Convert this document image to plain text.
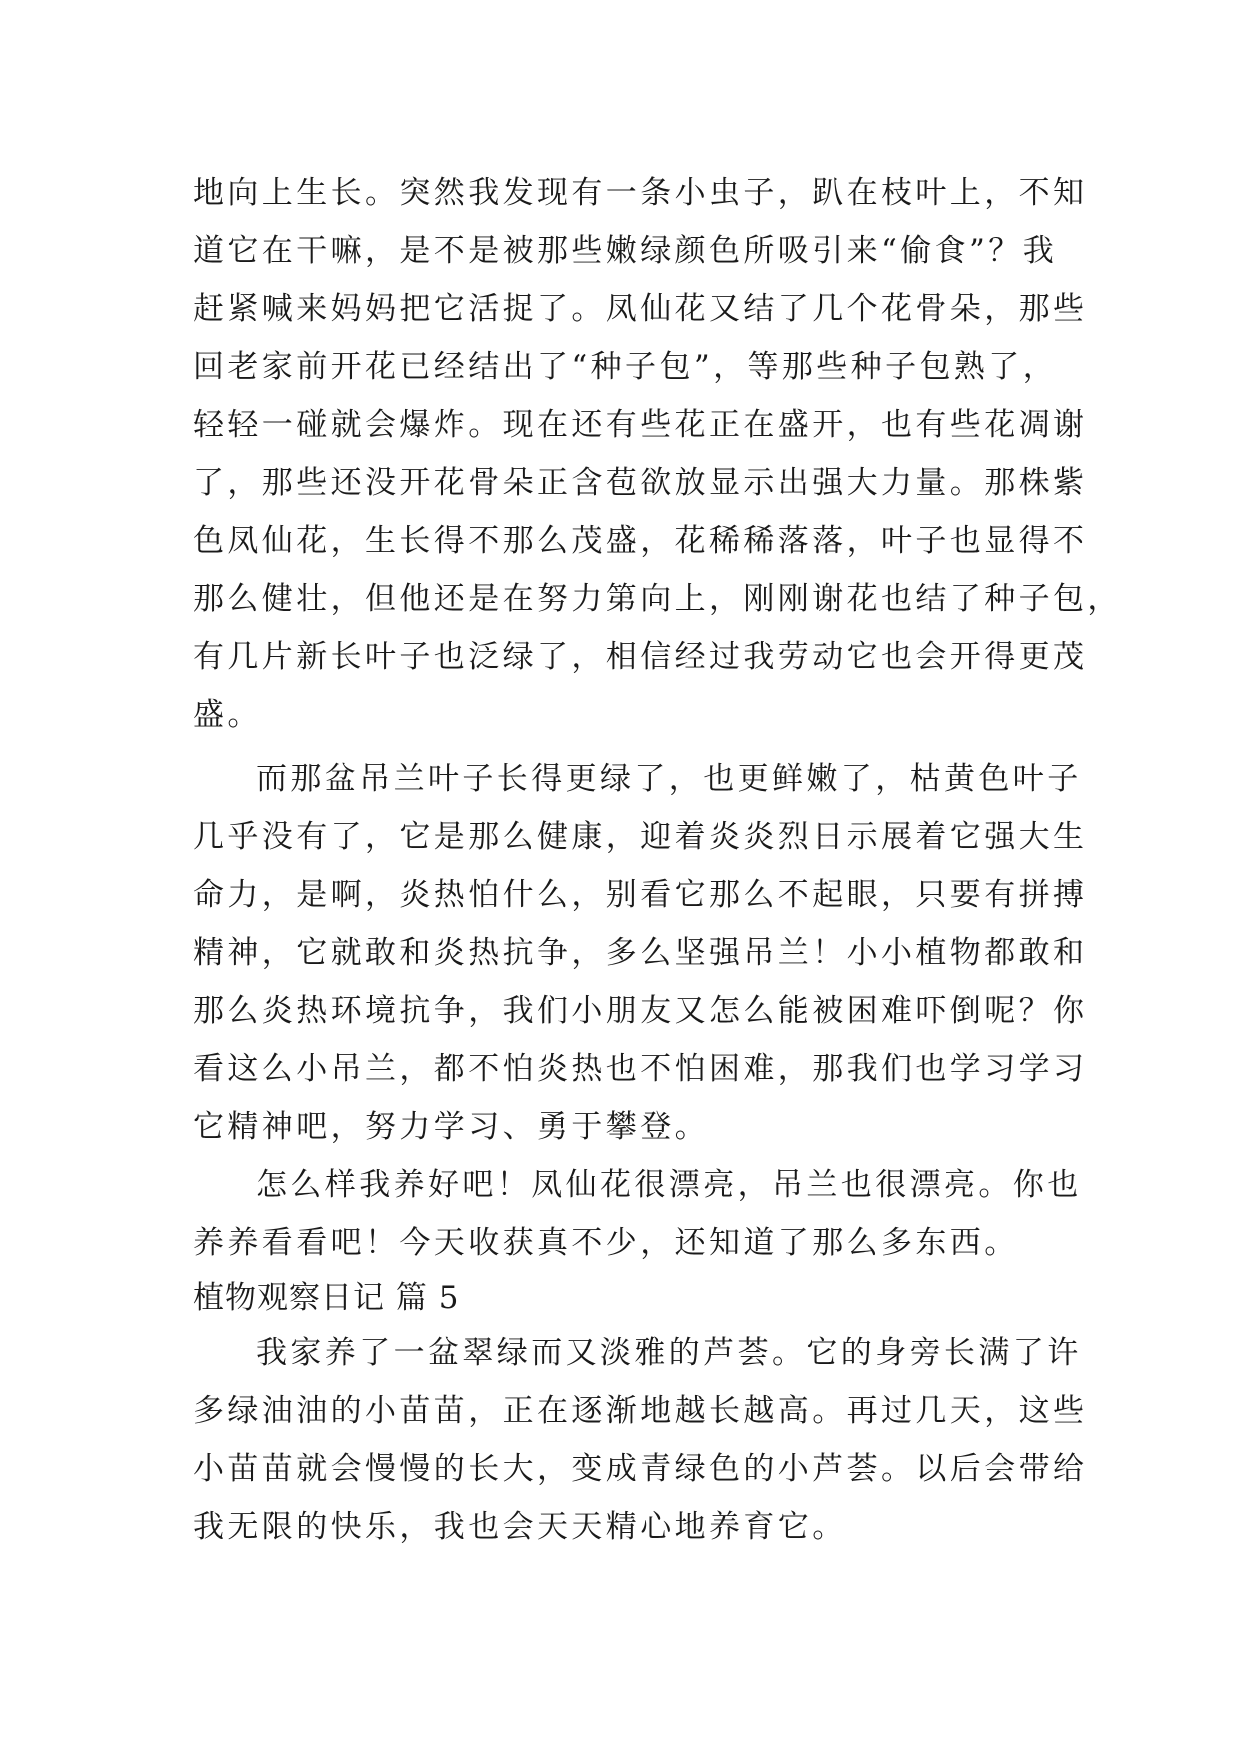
地向上生长。突然我发现有一条小虫子，趴在枝叶上，不知
道它在干嘛，是不是被那些嫩绿颜色所吸引来“偷食”？我
赶紧喊来妈妈把它活捉了。凤仙花又结了几个花骨朵，那些
回老家前开花已经结出了“种子包”，等那些种子包熟了，
轻轻一碰就会爆炸。现在还有些花正在盛开，也有些花凋谢
了，那些还没开花骨朵正含苞欲放显示出强大力量。那株紫
色凤仙花，生长得不那么茂盛，花稀稀落落，叶子也显得不
那么健壮，但他还是在努力第向上，刚刚谢花也结了种子包，
有几片新长叶子也泛绿了，相信经过我劳动它也会开得更茂
盛。
而那盆吊兰叶子长得更绿了，也更鲜嫩了，枯黄色叶子
几乎没有了，它是那么健康，迎着炎炎烈日示展着它强大生
命力，是啊，炎热怕什么，别看它那么不起眼，只要有拼搏
精神，它就敢和炎热抗争，多么坚强吊兰！小小植物都敢和
那么炎热环境抗争，我们小朋友又怎么能被困难吓倒呢？你
看这么小吊兰，都不怕炎热也不怕困难，那我们也学习学习
它精神吧，努力学习、勇于攀登。
怎么样我养好吧！凤仙花很漂亮，吊兰也很漂亮。你也
养养看看吧！今天收获真不少，还知道了那么多东西。
植物观察日记 篇 5
我家养了一盆翠绿而又淡雅的芦荟。它的身旁长满了许
多绿油油的小苗苗，正在逐渐地越长越高。再过几天，这些
小苗苗就会慢慢的长大，变成青绿色的小芦荟。以后会带给
我无限的快乐，我也会天天精心地养育它。
